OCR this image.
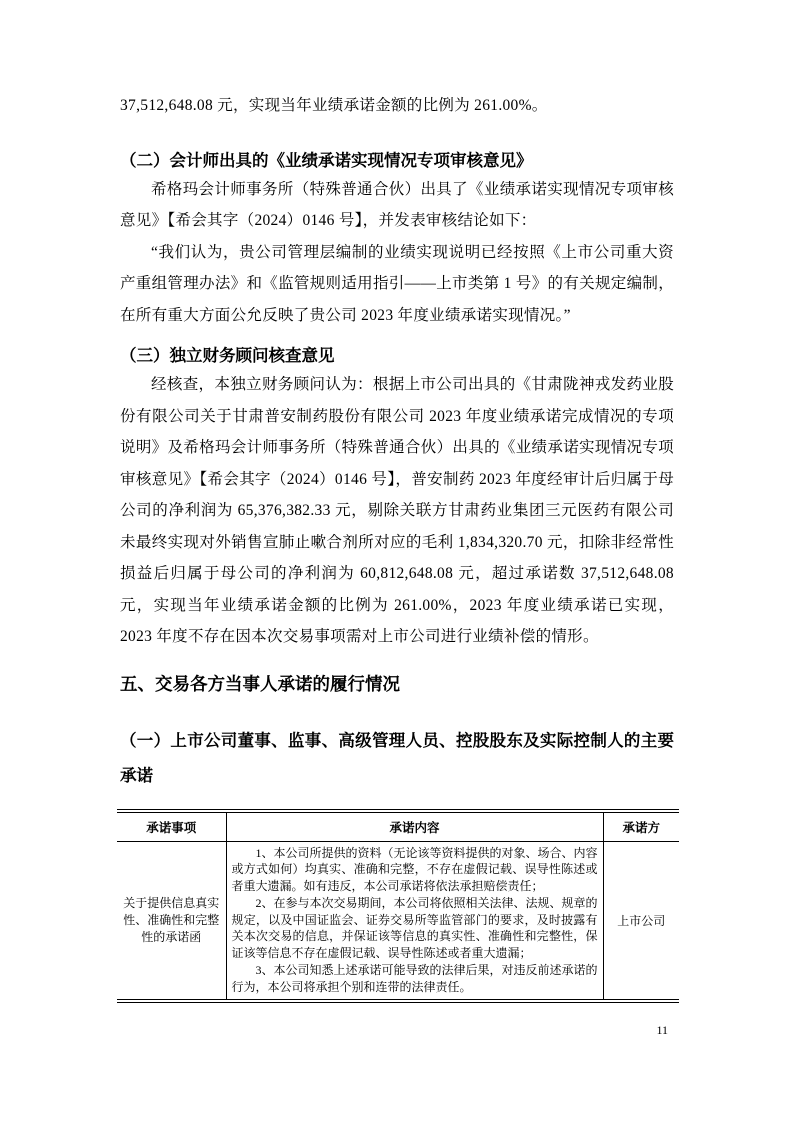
37,512,648.08 元，实现当年业绩承诺金额的比例为 261.00%。

（二）会计师出具的《业绩承诺实现情况专项审核意见》

希格玛会计师事务所（特殊普通合伙）出具了《业绩承诺实现情况专项审核意见》【希会其字（2024）0146 号】，并发表审核结论如下：

“我们认为，贵公司管理层编制的业绩实现说明已经按照《上市公司重大资产重组管理办法》和《监管规则适用指引——上市类第 1 号》的有关规定编制，在所有重大方面公允反映了贵公司 2023 年度业绩承诺实现情况。”

（三）独立财务顾问核查意见

经核查，本独立财务顾问认为：根据上市公司出具的《甘肃陇神戎发药业股份有限公司关于甘肃普安制药股份有限公司 2023 年度业绩承诺完成情况的专项说明》及希格玛会计师事务所（特殊普通合伙）出具的《业绩承诺实现情况专项审核意见》【希会其字（2024）0146 号】，普安制药 2023 年度经审计后归属于母公司的净利润为 65,376,382.33 元，剔除关联方甘肃药业集团三元医药有限公司未最终实现对外销售宣肺止嗽合剂所对应的毛利 1,834,320.70 元，扣除非经常性损益后归属于母公司的净利润为 60,812,648.08 元，超过承诺数 37,512,648.08 元，实现当年业绩承诺金额的比例为 261.00%，2023 年度业绩承诺已实现，2023 年度不存在因本次交易事项需对上市公司进行业绩补偿的情形。

五、交易各方当事人承诺的履行情况
（一）上市公司董事、监事、高级管理人员、控股股东及实际控制人的主要承诺
承诺事项	承诺内容	承诺方
关于提供信息真实性、准确性和完整性的承诺函	1、本公司所提供的资料（无论该等资料提供的对象、场合、内容或方式如何）均真实、准确和完整，不存在虚假记载、误导性陈述或者重大遗漏。如有违反，本公司承诺将依法承担赔偿责任；

2、在参与本次交易期间，本公司将依照相关法律、法规、规章的规定，以及中国证监会、证券交易所等监管部门的要求，及时披露有关本次交易的信息，并保证该等信息的真实性、准确性和完整性，保证该等信息不存在虚假记载、误导性陈述或者重大遗漏；

3、本公司知悉上述承诺可能导致的法律后果，对违反前述承诺的行为，本公司将承担个别和连带的法律责任。	上市公司
11
